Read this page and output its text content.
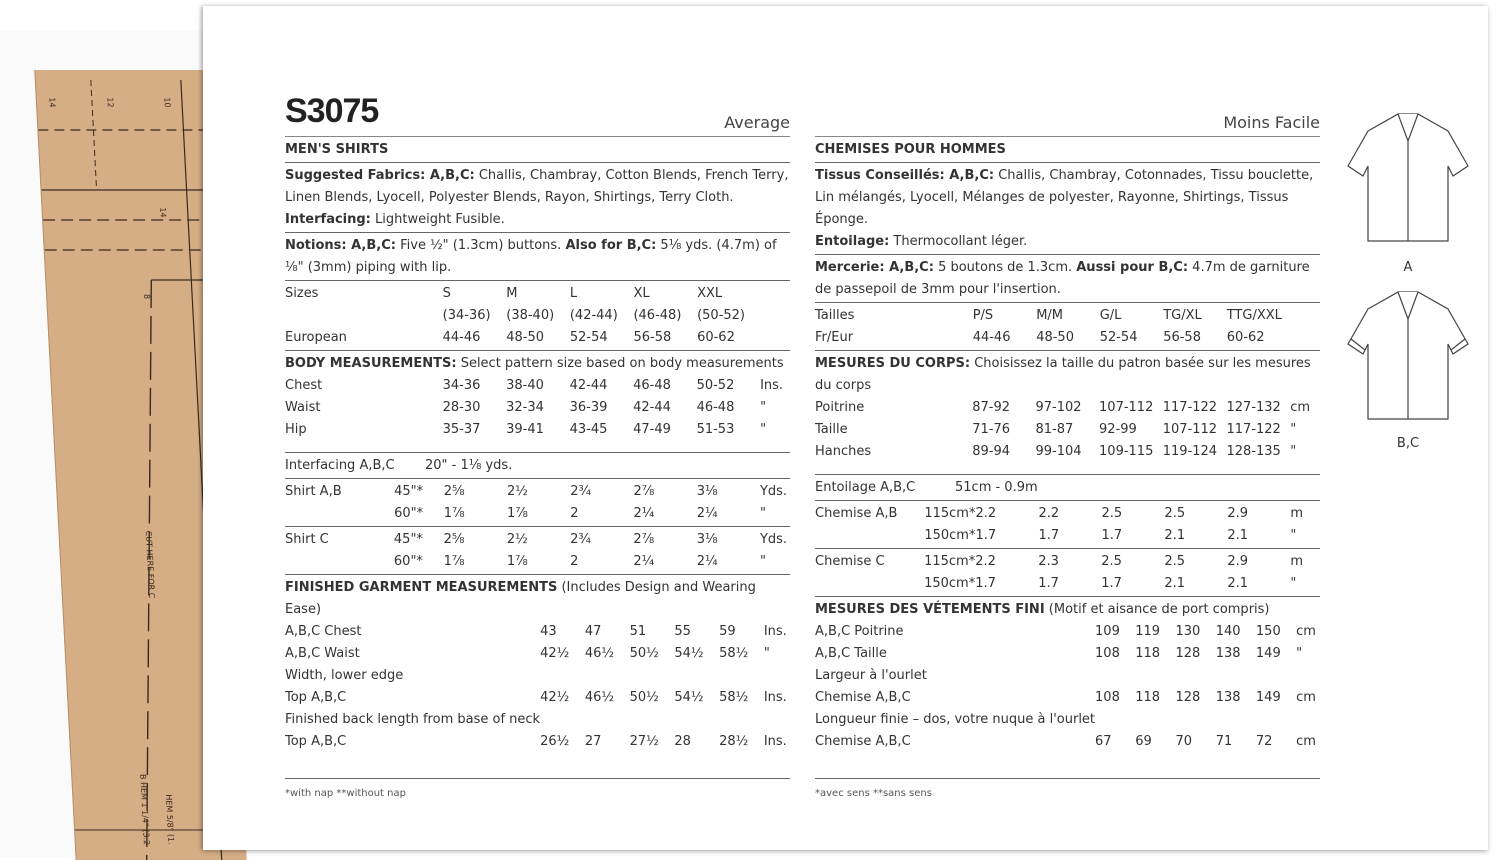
14	12	10
14
8
CUT HERE FOR C
B HEM 1 1/4" (3.2 HEM 5/8" (1.
S3075	Average
MEN'S SHIRTS
Suggested Fabrics: A,B,C: Challis, Chambray, Cotton Blends, French Terry, Linen Blends, Lyocell, Polyester Blends, Rayon, Shirtings, Terry Cloth. Interfacing: Lightweight Fusible.
Notions: A,B,C: Five ½" (1.3cm) buttons. Also for B,C: 5⅛ yds. (4.7m) of ⅛" (3mm) piping with lip.
Sizes	S	M	L	XL	XXL	
	(34-36)	(38-40)	(42-44)	(46-48)	(50-52)	
European	44-46	48-50	52-54	56-58	60-62	
BODY MEASUREMENTS: Select pattern size based on body measurements
Chest	34-36	38-40	42-44	46-48	50-52	Ins.
Waist	28-30	32-34	36-39	42-44	46-48	"
Hip	35-37	39-41	43-45	47-49	51-53	"
Interfacing A,B,C	20" - 1⅛ yds.
Shirt A,B	45"*	2⅝	2½	2¾	2⅞	3⅛	Yds.
	60"*	1⅞	1⅞	2	2¼	2¼	"
Shirt C	45"*	2⅝	2½	2¾	2⅞	3⅛	Yds.
	60"*	1⅞	1⅞	2	2¼	2¼	"
FINISHED GARMENT MEASUREMENTS (Includes Design and Wearing Ease)
A,B,C Chest	43	47	51	55	59	Ins.
A,B,C Waist	42½	46½	50½	54½	58½	"
Width, lower edge						
Top A,B,C	42½	46½	50½	54½	58½	Ins.
Finished back length from base of neck						
Top A,B,C	26½	27	27½	28	28½	Ins.
Moins Facile
CHEMISES POUR HOMMES
Tissus Conseillés: A,B,C: Challis, Chambray, Cotonnades, Tissu bouclette, Lin mélangés, Lyocell, Mélanges de polyester, Rayonne, Shirtings, Tissus Éponge.
Entoilage: Thermocollant léger.
Mercerie: A,B,C: 5 boutons de 1.3cm. Aussi pour B,C: 4.7m de garniture de passepoil de 3mm pour l'insertion.
Tailles	P/S	M/M	G/L	TG/XL	TTG/XXL	
Fr/Eur	44-46	48-50	52-54	56-58	60-62	
MESURES DU CORPS: Choisissez la taille du patron basée sur les mesures du corps
Poitrine	87-92	97-102	107-112	117-122	127-132	cm
Taille	71-76	81-87	92-99	107-112	117-122	"
Hanches	89-94	99-104	109-115	119-124	128-135	"
Entoilage A,B,C	51cm - 0.9m
Chemise A,B	115cm*	2.2	2.2	2.5	2.5	2.9	m
	150cm*	1.7	1.7	1.7	2.1	2.1	"
Chemise C	115cm*	2.2	2.3	2.5	2.5	2.9	m
	150cm*	1.7	1.7	1.7	2.1	2.1	"
MESURES DES VÉTEMENTS FINI (Motif et aisance de port compris)
A,B,C Poitrine	109	119	130	140	150	cm
A,B,C Taille	108	118	128	138	149	"
Largeur à l'ourlet						
Chemise A,B,C	108	118	128	138	149	cm
Longueur finie – dos, votre nuque à l'ourlet						
Chemise A,B,C	67	69	70	71	72	cm
*with nap **without nap	*avec sens **sans sens
A
B,C
